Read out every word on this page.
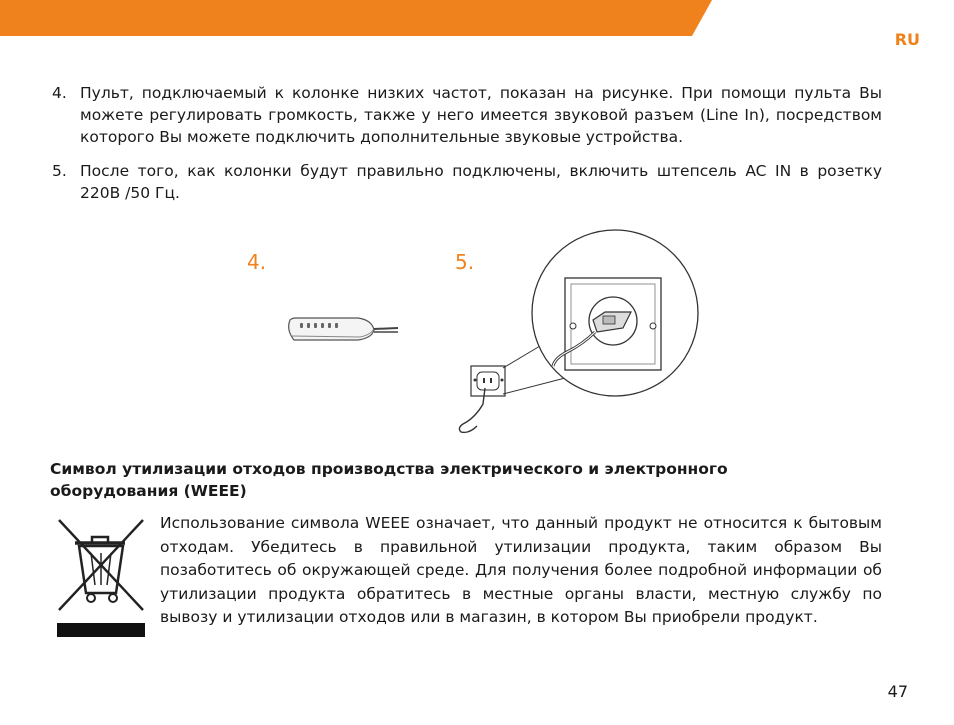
RU
4. Пульт, подключаемый к колонке низких частот, показан на рисунке. При помощи пульта Вы можете регулировать громкость, также у него имеется звуковой разъем (Line In), посредством которого Вы можете подключить дополнительные звуковые устройства.
5. После того, как колонки будут правильно подключены, включить штепсель AC IN в розетку 220В /50 Гц.
4.	5.
Символ утилизации отходов производства электрического и электронного оборудования (WEEE)
Использование символа WEEE означает, что данный продукт не относится к бытовым отходам. Убедитесь в правильной утилизации продукта, таким образом Вы позаботитесь об окружающей среде. Для получения более подробной информации об утилизации продукта обратитесь в местные органы власти, местную службу по вывозу и утилизации отходов или в магазин, в котором Вы приобрели продукт.
47
